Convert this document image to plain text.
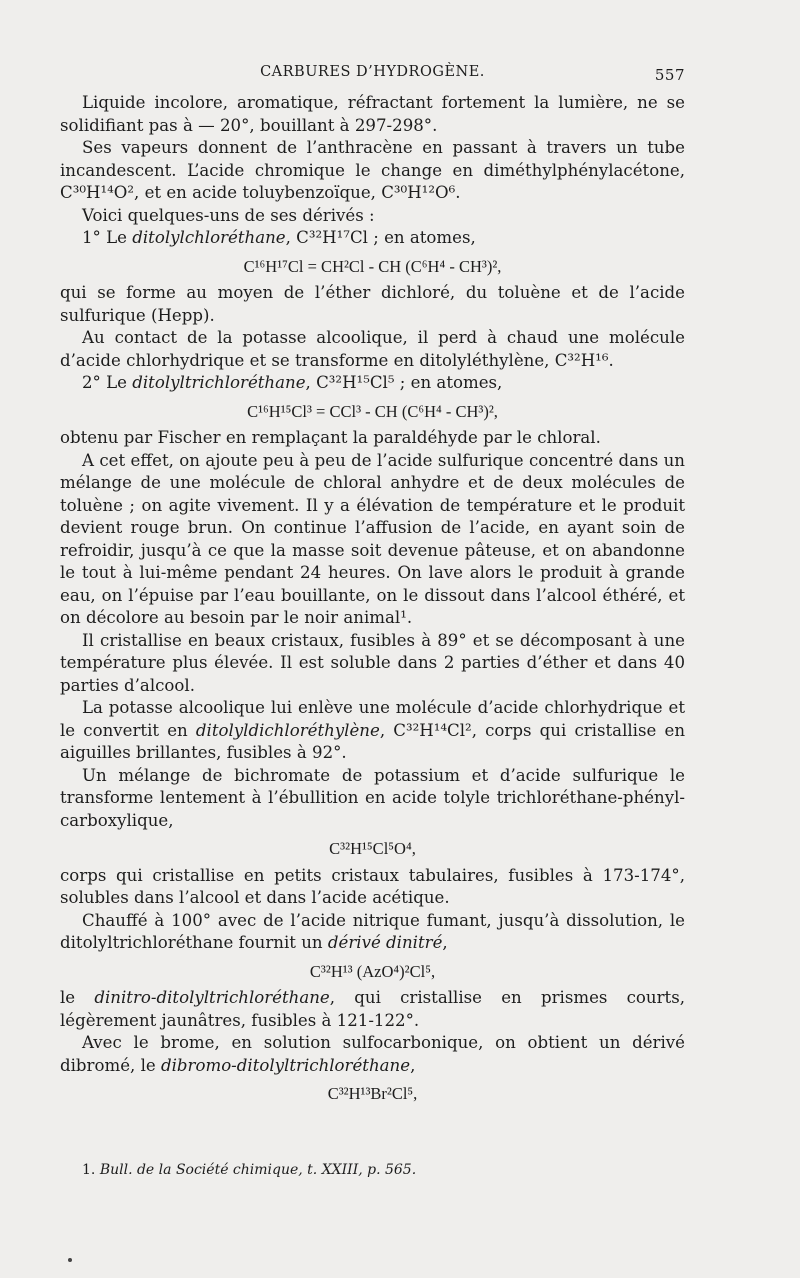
CARBURES D’HYDROGÈNE.	557

Liquide incolore, aromatique, réfractant fortement la lumière, ne se solidifiant pas à — 20°, bouillant à 297-298°.

Ses vapeurs donnent de l’anthracène en passant à travers un tube incandescent. L’acide chromique le change en diméthylphénylacétone, C³⁰H¹⁴O², et en acide toluybenzoïque, C³⁰H¹²O⁶.

Voici quelques-uns de ses dérivés :

1° Le ditolylchloréthane, C³²H¹⁷Cl ; en atomes,

C¹⁶H¹⁷Cl = CH²Cl - CH (C⁶H⁴ - CH³)²,

qui se forme au moyen de l’éther dichloré, du toluène et de l’acide sulfurique (Hepp).

Au contact de la potasse alcoolique, il perd à chaud une molécule d’acide chlorhydrique et se transforme en ditolyléthylène, C³²H¹⁶.

2° Le ditolyltrichloréthane, C³²H¹⁵Cl⁵ ; en atomes,

C¹⁶H¹⁵Cl³ = CCl³ - CH (C⁶H⁴ - CH³)²,

obtenu par Fischer en remplaçant la paraldéhyde par le chloral.

A cet effet, on ajoute peu à peu de l’acide sulfurique concentré dans un mélange de une molécule de chloral anhydre et de deux molécules de toluène ; on agite vivement. Il y a élévation de température et le produit devient rouge brun. On continue l’affusion de l’acide, en ayant soin de refroidir, jusqu’à ce que la masse soit devenue pâteuse, et on abandonne le tout à lui-même pendant 24 heures. On lave alors le produit à grande eau, on l’épuise par l’eau bouillante, on le dissout dans l’alcool éthéré, et on décolore au besoin par le noir animal¹.

Il cristallise en beaux cristaux, fusibles à 89° et se décomposant à une température plus élevée. Il est soluble dans 2 parties d’éther et dans 40 parties d’alcool.

La potasse alcoolique lui enlève une molécule d’acide chlorhydrique et le convertit en ditolyldichloréthylène, C³²H¹⁴Cl², corps qui cristallise en aiguilles brillantes, fusibles à 92°.

Un mélange de bichromate de potassium et d’acide sulfurique le transforme lentement à l’ébullition en acide tolyle trichloréthane-phényl-carboxylique,

C³²H¹⁵Cl⁵O⁴,

corps qui cristallise en petits cristaux tabulaires, fusibles à 173-174°, solubles dans l’alcool et dans l’acide acétique.

Chauffé à 100° avec de l’acide nitrique fumant, jusqu’à dissolution, le ditolyltrichloréthane fournit un dérivé dinitré,

C³²H¹³ (AzO⁴)²Cl⁵,

le dinitro-ditolyltrichloréthane, qui cristallise en prismes courts, légèrement jaunâtres, fusibles à 121-122°.

Avec le brome, en solution sulfocarbonique, on obtient un dérivé dibromé, le dibromo-ditolyltrichloréthane,

C³²H¹³Br²Cl⁵,
1. Bull. de la Société chimique, t. XXIII, p. 565.
